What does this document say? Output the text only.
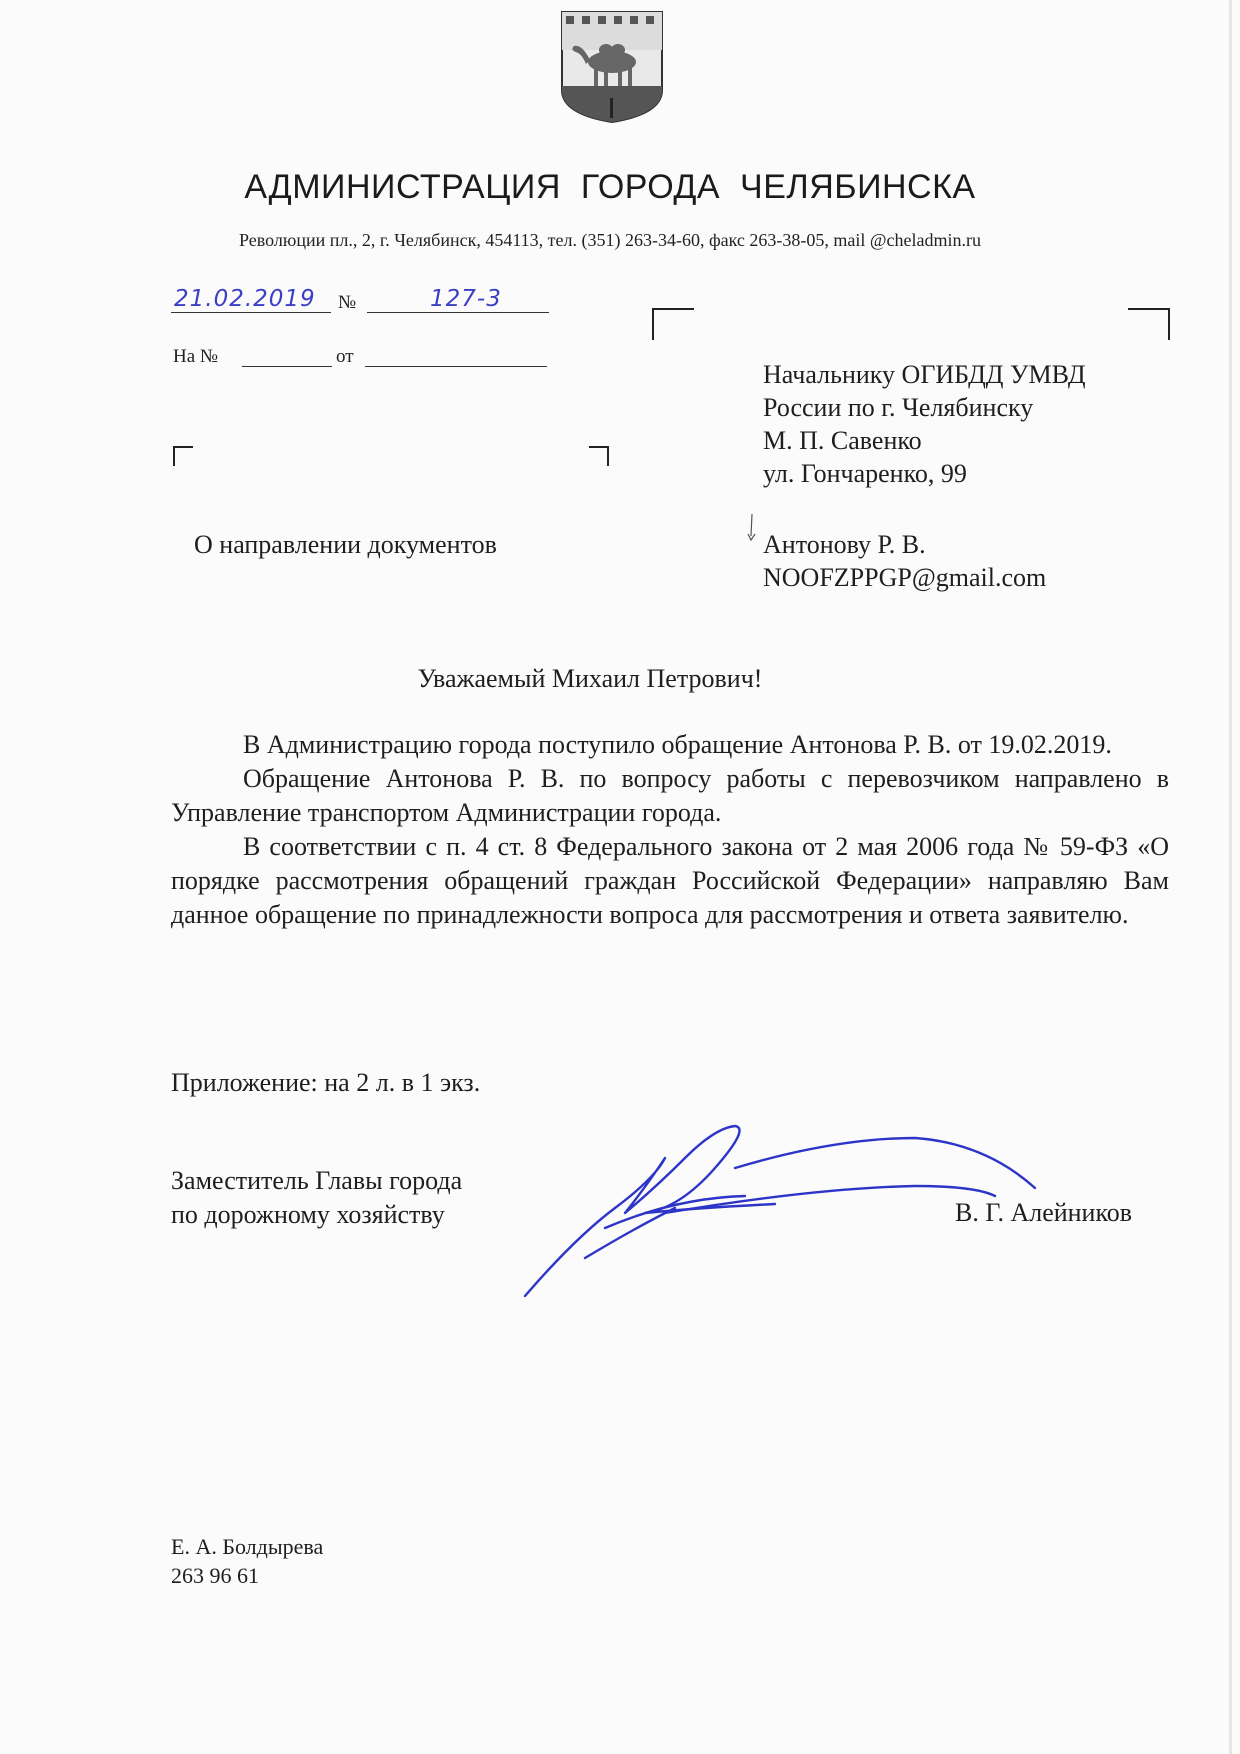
АДМИНИСТРАЦИЯ ГОРОДА ЧЕЛЯБИНСКА
Революции пл., 2, г. Челябинск, 454113, тел. (351) 263-34-60, факс 263-38-05, mail @cheladmin.ru
21.02.2019 №	127-3
На №	от
Начальнику ОГИБДД УМВД
России по г. Челябинску
М. П. Савенко
ул. Гончаренко, 99
Антонову Р. В.
NOOFZPPGP@gmail.com
О направлении документов
Уважаемый Михаил Петрович!

В Администрацию города поступило обращение Антонова Р. В. от 19.02.2019.

Обращение Антонова Р. В. по вопросу работы с перевозчиком направлено в Управление транспортом Администрации города.

В соответствии с п. 4 ст. 8 Федерального закона от 2 мая 2006 года № 59-ФЗ «О порядке рассмотрения обращений граждан Российской Федерации» направляю Вам данное обращение по принадлежности вопроса для рассмотрения и ответа заявителю.

Приложение: на 2 л. в 1 экз.
Заместитель Главы города
по дорожному хозяйству	В. Г. Алейников
Е. А. Болдырева
263 96 61
